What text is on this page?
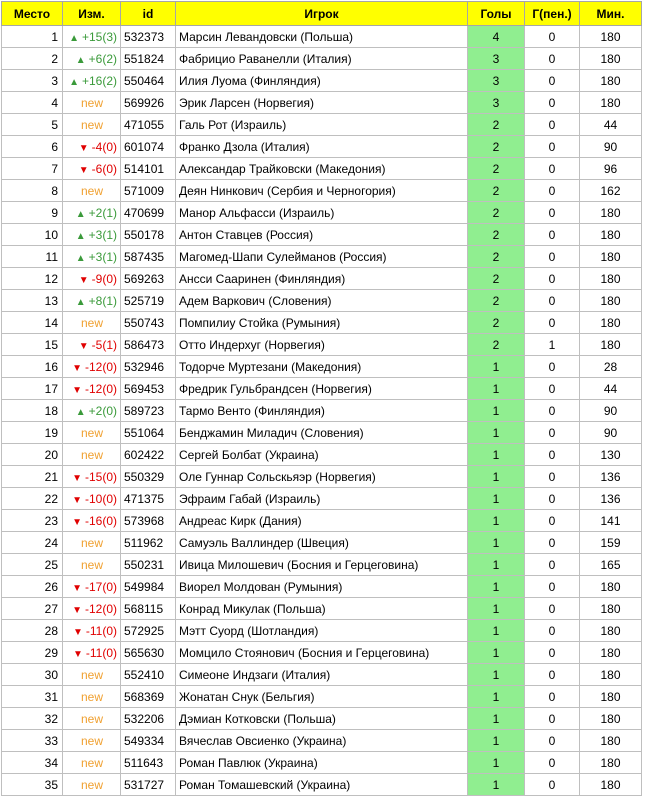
Место	Изм.	id	Игрок	Голы	Г(пен.)	Мин.
1	▲ +15(3)	532373	Марсин Левандовски (Польша)	4	0	180
2	▲ +6(2)	551824	Фабрицио Раванелли (Италия)	3	0	180
3	▲ +16(2)	550464	Илия Луома (Финляндия)	3	0	180
4	new	569926	Эрик Ларсен (Норвегия)	3	0	180
5	new	471055	Галь Рот (Израиль)	2	0	44
6	▼ -4(0)	601074	Франко Дзола (Италия)	2	0	90
7	▼ -6(0)	514101	Александар Трайковски (Македония)	2	0	96
8	new	571009	Деян Нинкович (Сербия и Черногория)	2	0	162
9	▲ +2(1)	470699	Манор Альфасси (Израиль)	2	0	180
10	▲ +3(1)	550178	Антон Ставцев (Россия)	2	0	180
11	▲ +3(1)	587435	Магомед-Шапи Сулейманов (Россия)	2	0	180
12	▼ -9(0)	569263	Ансси Саарин​ен (Финляндия)	2	0	180
13	▲ +8(1)	525719	Адем Варкович (Словения)	2	0	180
14	new	550743	Помпилиу Стойка (Румыния)	2	0	180
15	▼ -5(1)	586473	Отто Индерхуг (Норвегия)	2	1	180
16	▼ -12(0)	532946	Тодорче Муртезани (Македония)	1	0	28
17	▼ -12(0)	569453	Фредрик Гульбрандсен (Норвегия)	1	0	44
18	▲ +2(0)	589723	Тармо Венто (Финляндия)	1	0	90
19	new	551064	Бенджамин Миладич (Словения)	1	0	90
20	new	602422	Сергей Болбат (Украина)	1	0	130
21	▼ -15(0)	550329	Оле Гуннар Сольскьяэр (Норвегия)	1	0	136
22	▼ -10(0)	471375	Эфраим Габай (Израиль)	1	0	136
23	▼ -16(0)	573968	Андреас Кирк (Дания)	1	0	141
24	new	511962	Самуэль Валлиндер (Швеция)	1	0	159
25	new	550231	Ивица Милошевич (Босния и Герцеговина)	1	0	165
26	▼ -17(0)	549984	Виорел Молдован (Румыния)	1	0	180
27	▼ -12(0)	568115	Конрад Микулак (Польша)	1	0	180
28	▼ -11(0)	572925	Мэтт Суорд (Шотландия)	1	0	180
29	▼ -11(0)	565630	Момцило Стоянович (Босния и Герцеговина)	1	0	180
30	new	552410	Симеоне Индзаги (Италия)	1	0	180
31	new	568369	Жонатан Снук (Бельгия)	1	0	180
32	new	532206	Дэмиан Котковски (Польша)	1	0	180
33	new	549334	Вячеслав Овсиенко (Украина)	1	0	180
34	new	511643	Роман Павлюк (Украина)	1	0	180
35	new	531727	Роман Томашевский (Украина)	1	0	180
